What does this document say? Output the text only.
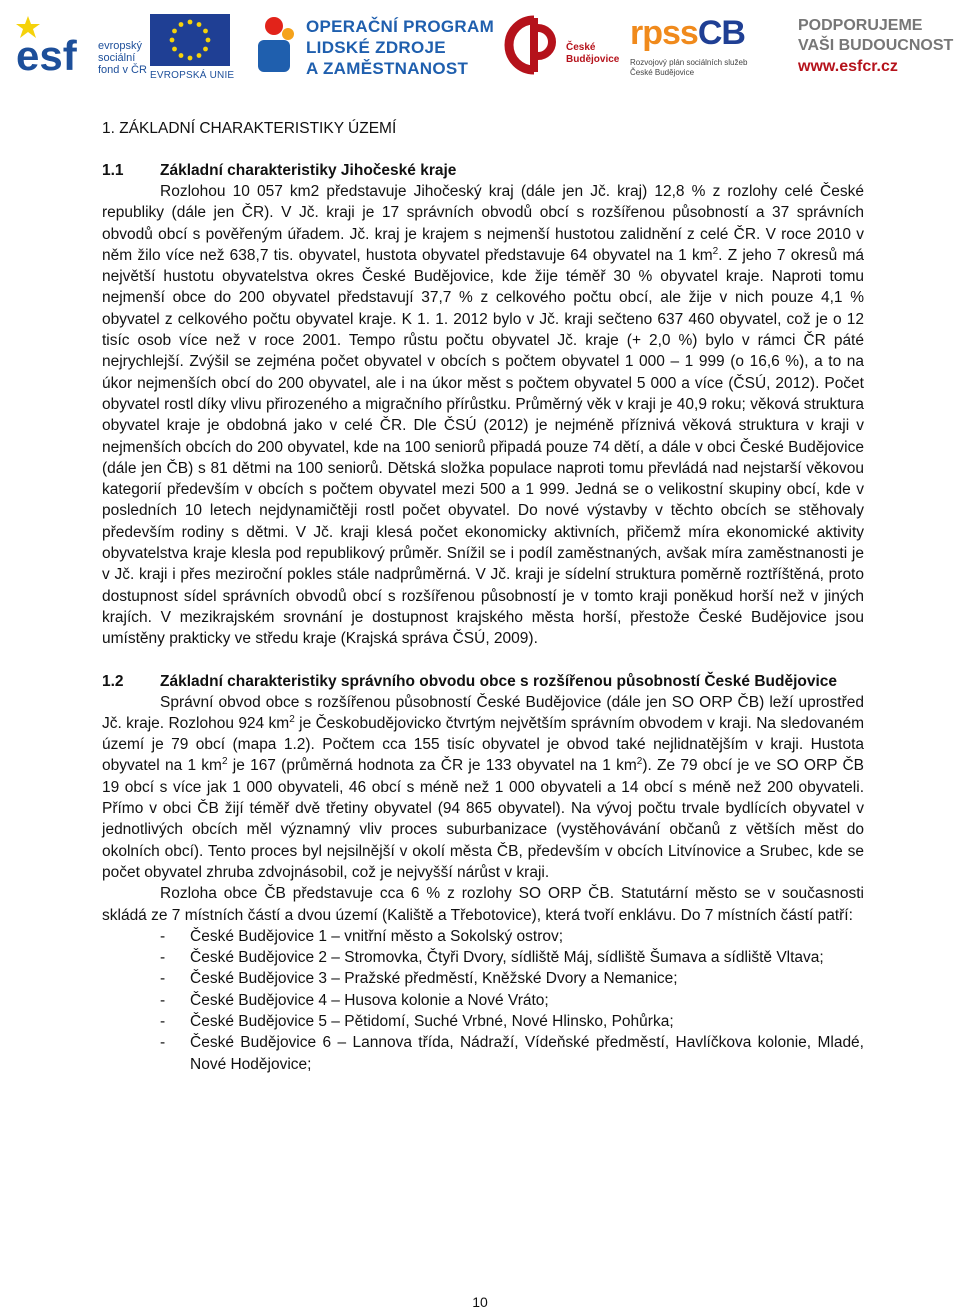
esf evropský
sociální
fond v ČR EVROPSKÁ UNIE
OPERAČNÍ PROGRAM
LIDSKÉ ZDROJE
A ZAMĚSTNANOST
České
Budějovice
rpssCB
Rozvojový plán sociálních služeb
České Budějovice
PODPORUJEME
VAŠI BUDOUCNOST
www.esfcr.cz
1. ZÁKLADNÍ CHARAKTERISTIKY ÚZEMÍ
1.1 Základní charakteristiky Jihočeské kraje

Rozlohou 10 057 km2 představuje Jihočeský kraj (dále jen Jč. kraj) 12,8 % z rozlohy celé České republiky (dále jen ČR). V Jč. kraji je 17 správních obvodů obcí s rozšířenou působností a 37 správních obvodů obcí s pověřeným úřadem. Jč. kraj je krajem s nejmenší hustotou zalidnění z celé ČR. V roce 2010 v něm žilo více než 638,7 tis. obyvatel, hustota obyvatel představuje 64 obyvatel na 1 $km^2$. Z jeho 7 okresů má největší hustotu obyvatelstva okres České Budějovice, kde žije téměř 30 % obyvatel kraje. Naproti tomu nejmenší obce do 200 obyvatel představují 37,7 % z celkového počtu obcí, ale žije v nich pouze 4,1 % obyvatel z celkového počtu obyvatel kraje. K 1. 1. 2012 bylo v Jč. kraji sečteno 637 460 obyvatel, což je o 12 tisíc osob více než v roce 2001. Tempo růstu počtu obyvatel Jč. kraje (+ 2,0 %) bylo v rámci ČR páté nejrychlejší. Zvýšil se zejména počet obyvatel v obcích s počtem obyvatel 1 000 – 1 999 (o 16,6 %), a to na úkor nejmenších obcí do 200 obyvatel, ale i na úkor měst s počtem obyvatel 5 000 a více (ČSÚ, 2012). Počet obyvatel rostl díky vlivu přirozeného a migračního přírůstku. Průměrný věk v kraji je 40,9 roku; věková struktura obyvatel kraje je obdobná jako v celé ČR. Dle ČSÚ (2012) je nejméně příznivá věková struktura v kraji v nejmenších obcích do 200 obyvatel, kde na 100 seniorů připadá pouze 74 dětí, a dále v obci České Budějovice (dále jen ČB) s 81 dětmi na 100 seniorů. Dětská složka populace naproti tomu převládá nad nejstarší věkovou kategorií především v obcích s počtem obyvatel mezi 500 a 1 999. Jedná se o velikostní skupiny obcí, kde v posledních 10 letech nejdynamičtěji rostl počet obyvatel. Do nové výstavby v těchto obcích se stěhovaly především rodiny s dětmi. V Jč. kraji klesá počet ekonomicky aktivních, přičemž míra ekonomické aktivity obyvatelstva kraje klesla pod republikový průměr. Snížil se i podíl zaměstnaných, avšak míra zaměstnanosti je v Jč. kraji i přes meziroční pokles stále nadprůměrná. V Jč. kraji je sídelní struktura poměrně roztříštěná, proto dostupnost sídel správních obvodů obcí s rozšířenou působností je v tomto kraji poněkud horší než v jiných krajích. V mezikrajském srovnání je dostupnost krajského města horší, přestože České Budějovice jsou umístěny prakticky ve středu kraje (Krajská správa ČSÚ, 2009).

1.2 Základní charakteristiky správního obvodu obce s rozšířenou působností České Budějovice

Správní obvod obce s rozšířenou působností České Budějovice (dále jen SO ORP ČB) leží uprostřed Jč. kraje. Rozlohou 924 $km^2$ je Českobudějovicko čtvrtým největším správním obvodem v kraji. Na sledovaném území je 79 obcí (mapa 1.2). Počtem cca 155 tisíc obyvatel je obvod také nejlidnatějším v kraji. Hustota obyvatel na 1 $km^2$ je 167 (průměrná hodnota za ČR je 133 obyvatel na 1 $km^2$). Ze 79 obcí je ve SO ORP ČB 19 obcí s více jak 1 000 obyvateli, 46 obcí s méně než 1 000 obyvateli a 14 obcí s méně než 200 obyvateli. Přímo v obci ČB žijí téměř dvě třetiny obyvatel (94 865 obyvatel). Na vývoj počtu trvale bydlících obyvatel v jednotlivých obcích měl významný vliv proces suburbanizace (vystěhovávání občanů z větších měst do okolních obcí). Tento proces byl nejsilnější v okolí města ČB, především v obcích Litvínovice a Srubec, kde se počet obyvatel zhruba zdvojnásobil, což je nejvyšší nárůst v kraji.

Rozloha obce ČB představuje cca 6 % z rozlohy SO ORP ČB. Statutární město se v současnosti skládá ze 7 místních částí a dvou území (Kaliště a Třebotovice), která tvoří enklávu. Do 7 místních částí patří:

- České Budějovice 1 – vnitřní město a Sokolský ostrov;
- České Budějovice 2 – Stromovka, Čtyři Dvory, sídliště Máj, sídliště Šumava a sídliště Vltava;
- České Budějovice 3 – Pražské předměstí, Kněžské Dvory a Nemanice;
- České Budějovice 4 – Husova kolonie a Nové Vráto;
- České Budějovice 5 – Pětidomí, Suché Vrbné, Nové Hlinsko, Pohůrka;
- České Budějovice 6 – Lannova třída, Nádraží, Vídeňské předměstí, Havlíčkova kolonie, Mladé, Nové Hodějovice;
10
